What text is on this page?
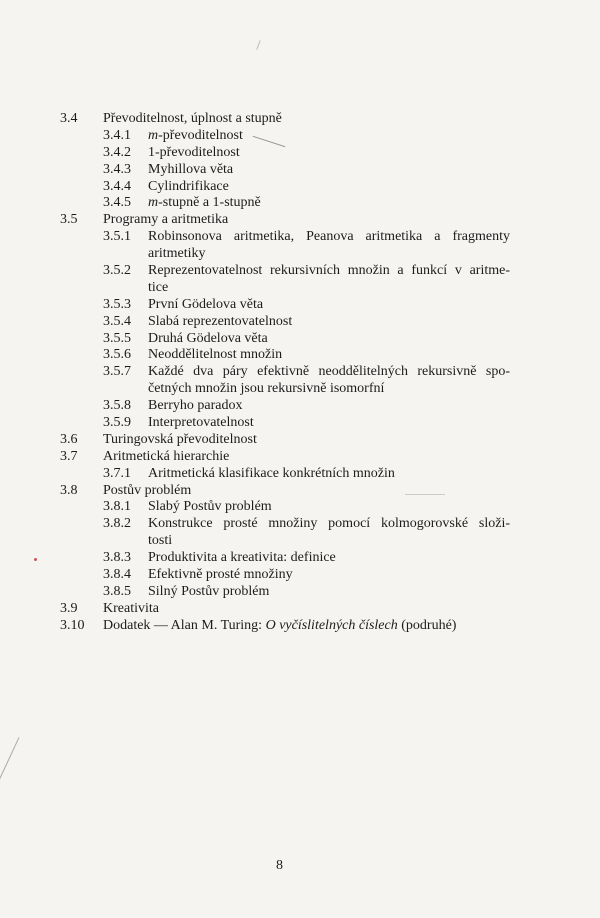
3.4 Převoditelnost, úplnost a stupně
3.4.1 m-převoditelnost
3.4.2 1-převoditelnost
3.4.3 Myhillova věta
3.4.4 Cylindrifikace
3.4.5 m-stupně a 1-stupně
3.5 Programy a aritmetika
3.5.1 Robinsonova aritmetika, Peanova aritmetika a fragmenty
aritmetiky
3.5.2 Reprezentovatelnost rekursivních množin a funkcí v aritme-
tice
3.5.3 První Gödelova věta
3.5.4 Slabá reprezentovatelnost
3.5.5 Druhá Gödelova věta
3.5.6 Neoddělitelnost množin
3.5.7 Každé dva páry efektivně neoddělitelných rekursivně spo-
četných množin jsou rekursivně isomorfní
3.5.8 Berryho paradox
3.5.9 Interpretovatelnost
3.6 Turingovská převoditelnost
3.7 Aritmetická hierarchie
3.7.1 Aritmetická klasifikace konkrétních množin
3.8 Postův problém
3.8.1 Slabý Postův problém
3.8.2 Konstrukce prosté množiny pomocí kolmogorovské složi-
tosti
3.8.3 Produktivita a kreativita: definice
3.8.4 Efektivně prosté množiny
3.8.5 Silný Postův problém
3.9 Kreativita
3.10 Dodatek — Alan M. Turing: O vyčíslitelných číslech (podruhé)
8
